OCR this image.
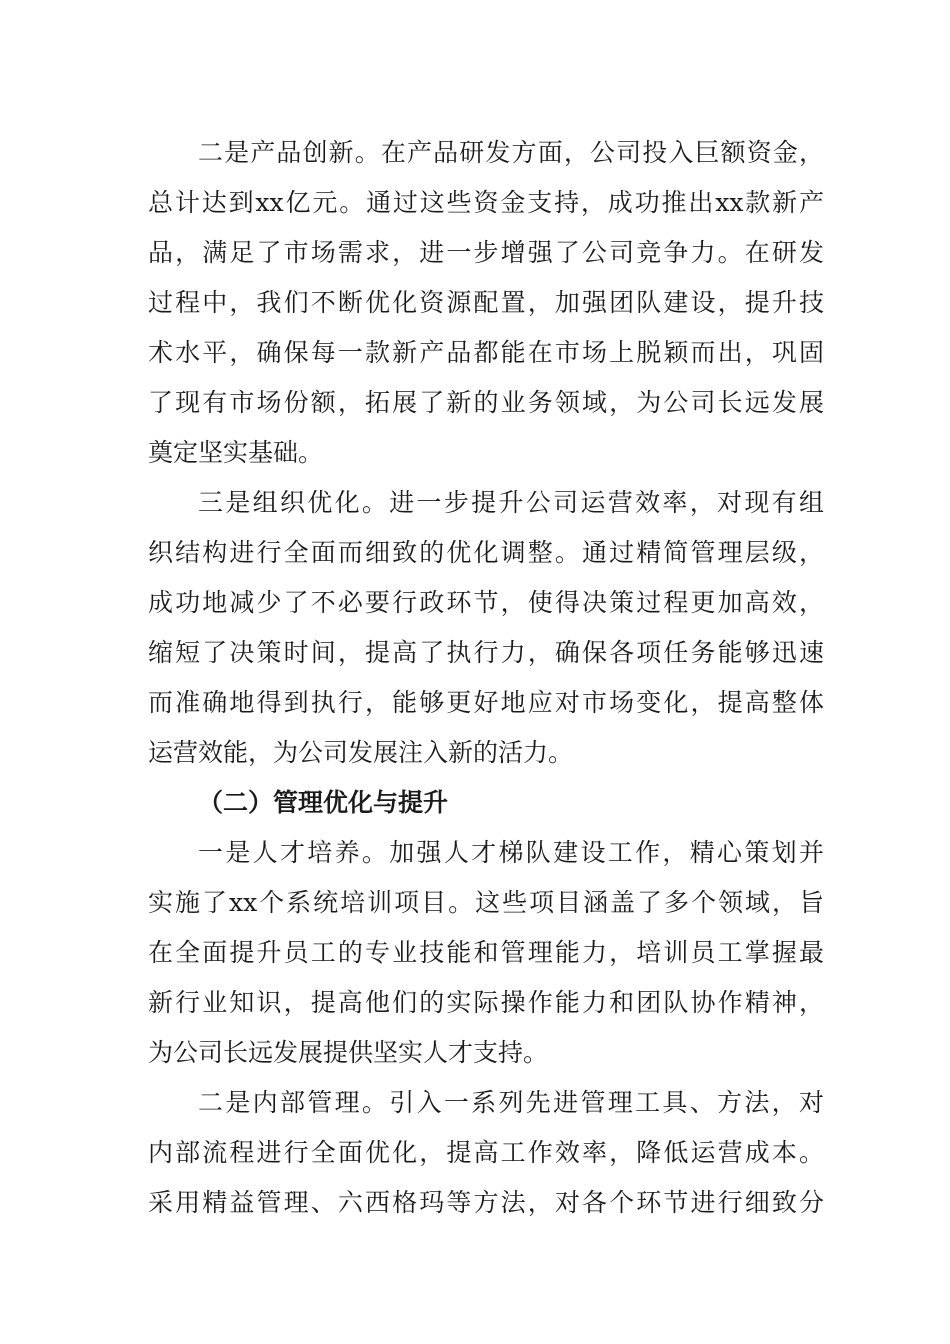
二是产品创新。在产品研发方面，公司投入巨额资金，
总计达到xx亿元。通过这些资金支持，成功推出xx款新产
品，满足了市场需求，进一步增强了公司竞争力。在研发
过程中，我们不断优化资源配置，加强团队建设，提升技
术水平，确保每一款新产品都能在市场上脱颖而出，巩固
了现有市场份额，拓展了新的业务领域，为公司长远发展
奠定坚实基础。
三是组织优化。进一步提升公司运营效率，对现有组
织结构进行全面而细致的优化调整。通过精简管理层级，
成功地减少了不必要行政环节，使得决策过程更加高效，
缩短了决策时间，提高了执行力，确保各项任务能够迅速
而准确地得到执行，能够更好地应对市场变化，提高整体
运营效能，为公司发展注入新的活力。
（二）管理优化与提升
一是人才培养。加强人才梯队建设工作，精心策划并
实施了xx个系统培训项目。这些项目涵盖了多个领域，旨
在全面提升员工的专业技能和管理能力，培训员工掌握最
新行业知识，提高他们的实际操作能力和团队协作精神，
为公司长远发展提供坚实人才支持。
二是内部管理。引入一系列先进管理工具、方法，对
内部流程进行全面优化，提高工作效率，降低运营成本。
采用精益管理、六西格玛等方法，对各个环节进行细致分
